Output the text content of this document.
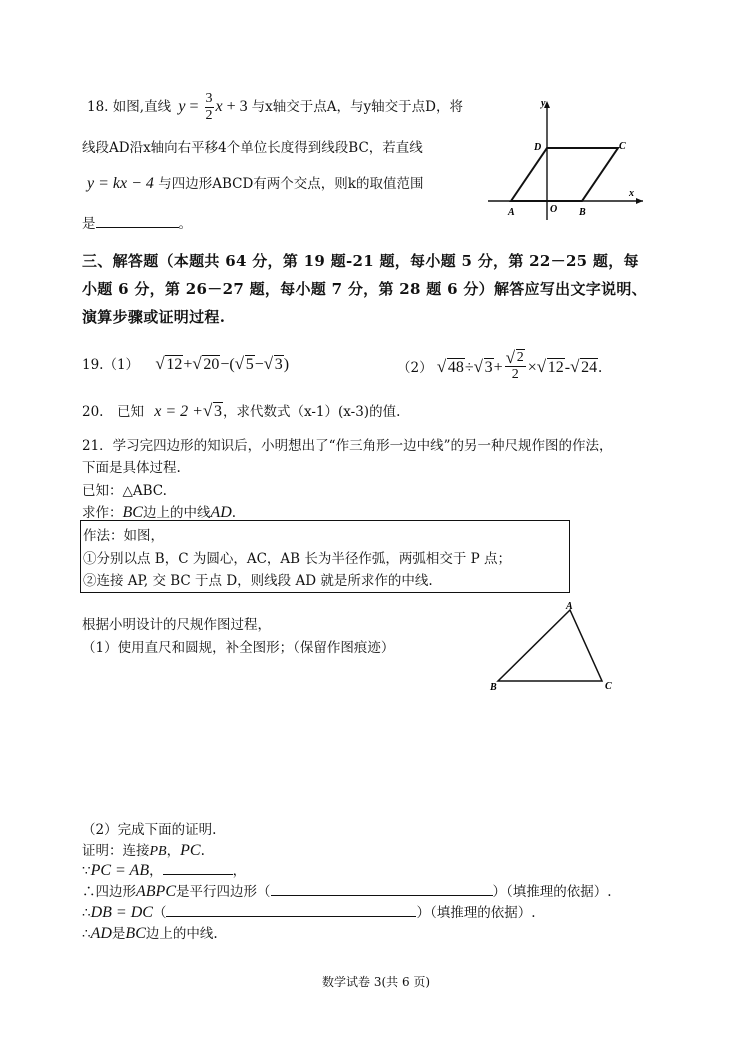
18. 如图,直线 $y = \frac{3}{2}$ x + 3 与x轴交于点A，与y轴交于点D，将
线段AD沿x轴向右平移4个单位长度得到线段BC，若直线
y = kx − 4 与四边形ABCD有两个交点，则k的取值范围
是	。
y
D	C
x
A	O B
三、解答题（本题共 64 分，第 19 题-21 题，每小题 5 分，第 22－25 题，每
小题 6 分，第 26－27 题，每小题 7 分，第 28 题 6 分）解答应写出文字说明、
演算步骤或证明过程.
19.（1） √ 12+ √ 20−( √ 5− √ 3)	（2） √ 48÷ √ 3+ √ $\frac{2}{2}$ × √ 12- √ 24.
20.　已知 x = 2 + √ 3，求代数式（x-1）(x-3)的值.
21．学习完四边形的知识后，小明想出了“作三角形一边中线”的另一种尺规作图的作法，
下面是具体过程.
已知：△ABC.
求作：BC边上的中线AD.
作法：如图，
①分别以点 B，C 为圆心，AC，AB 长为半径作弧，两弧相交于 P 点；
②连接 AP, 交 BC 于点 D，则线段 AD 就是所求作的中线.
根据小明设计的尺规作图过程，
（1）使用直尺和圆规，补全图形；（保留作图痕迹）
A
B	C
（2）完成下面的证明.
证明：连接PB，PC.
∵PC = AB，	，
∴四边形ABPC是平行四边形（	）（填推理的依据）.
∴DB = DC（	）（填推理的依据）.
∴AD是BC边上的中线.
数学试卷 3(共 6 页)
